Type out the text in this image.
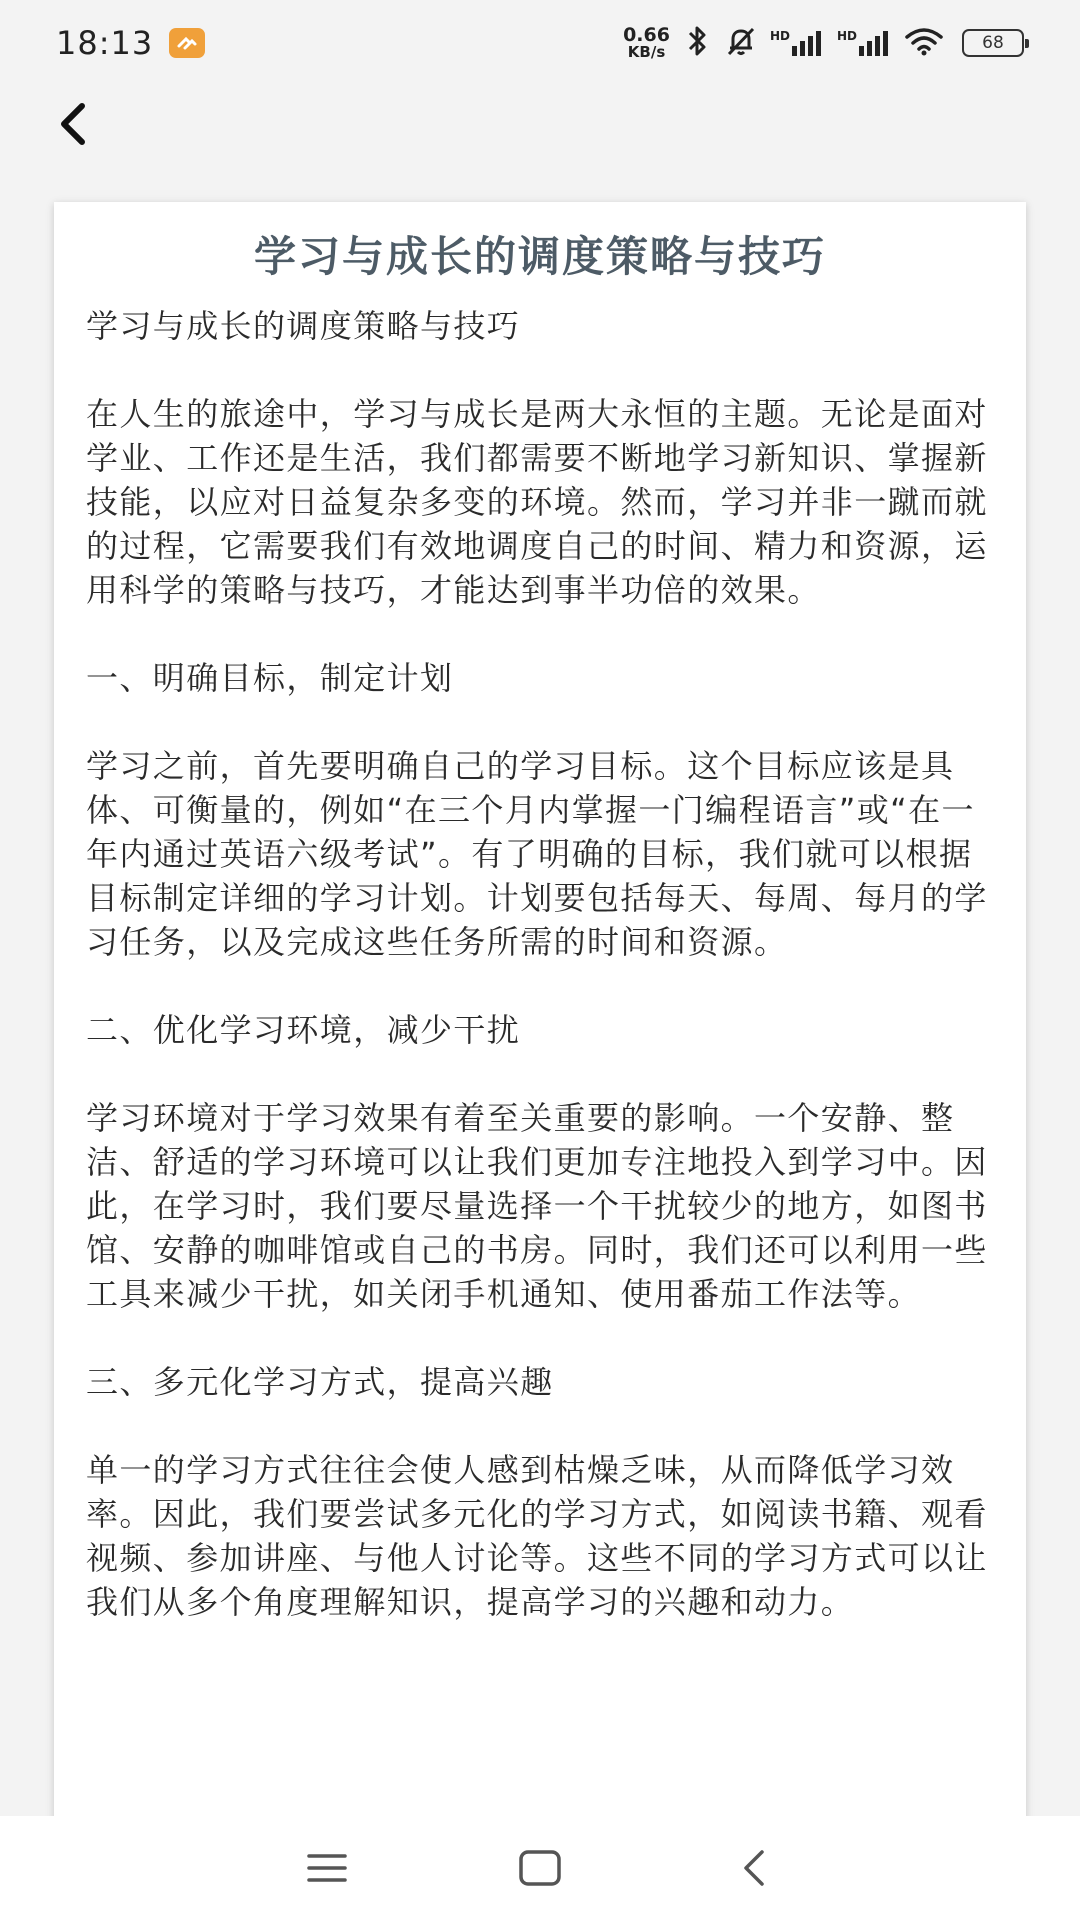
18:13	0.66
KB/s
HD	HD	68
学习与成长的调度策略与技巧

学习与成长的调度策略与技巧

在人生的旅途中，学习与成长是两大永恒的主题。无论是面对学业、工作还是生活，我们都需要不断地学习新知识、掌握新技能，以应对日益复杂多变的环境。然而，学习并非一蹴而就的过程，它需要我们有效地调度自己的时间、精力和资源，运用科学的策略与技巧，才能达到事半功倍的效果。

一、明确目标，制定计划

学习之前，首先要明确自己的学习目标。这个目标应该是具体、可衡量的，例如“在三个月内掌握一门编程语言”或“在一年内通过英语六级考试”。有了明确的目标，我们就可以根据目标制定详细的学习计划。计划要包括每天、每周、每月的学习任务，以及完成这些任务所需的时间和资源。

二、优化学习环境，减少干扰

学习环境对于学习效果有着至关重要的影响。一个安静、整洁、舒适的学习环境可以让我们更加专注地投入到学习中。因此，在学习时，我们要尽量选择一个干扰较少的地方，如图书馆、安静的咖啡馆或自己的书房。同时，我们还可以利用一些工具来减少干扰，如关闭手机通知、使用番茄工作法等。

三、多元化学习方式，提高兴趣

单一的学习方式往往会使人感到枯燥乏味，从而降低学习效率。因此，我们要尝试多元化的学习方式，如阅读书籍、观看视频、参加讲座、与他人讨论等。这些不同的学习方式可以让我们从多个角度理解知识，提高学习的兴趣和动力。
